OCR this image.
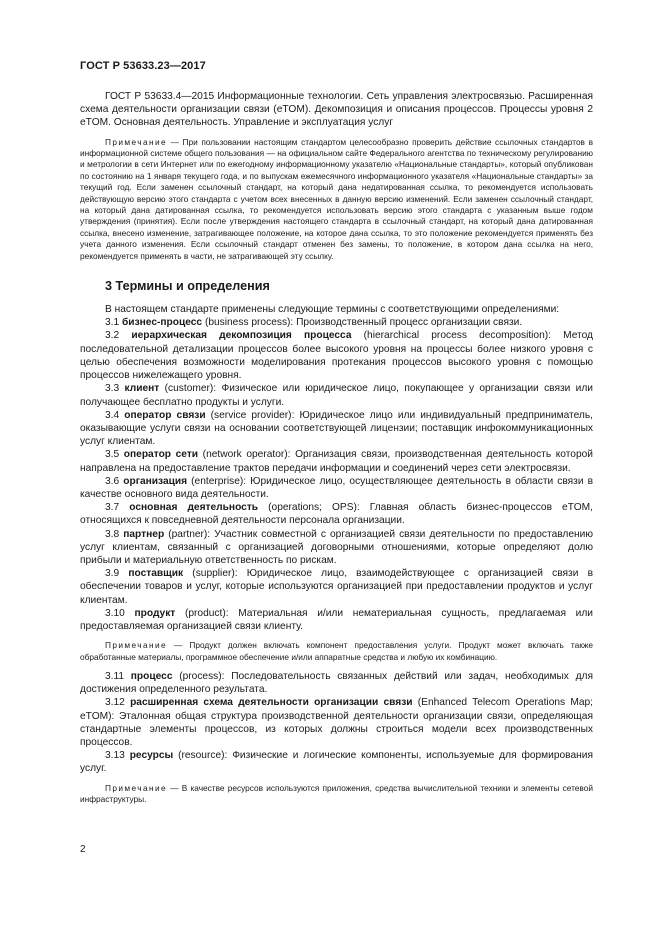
ГОСТ Р 53633.23—2017

ГОСТ Р 53633.4—2015 Информационные технологии. Сеть управления электросвязью. Расширенная схема деятельности организации связи (eTOM). Декомпозиция и описания процессов. Процессы уровня 2 eTOM. Основная деятельность. Управление и эксплуатация услуг

Примечание — При пользовании настоящим стандартом целесообразно проверить действие ссылочных стандартов в информационной системе общего пользования — на официальном сайте Федерального агентства по техническому регулированию и метрологии в сети Интернет или по ежегодному информационному указателю «Национальные стандарты», который опубликован по состоянию на 1 января текущего года, и по выпускам ежемесячного информационного указателя «Национальные стандарты» за текущий год. Если заменен ссылочный стандарт, на который дана недатированная ссылка, то рекомендуется использовать действующую версию этого стандарта с учетом всех внесенных в данную версию изменений. Если заменен ссылочный стандарт, на который дана датированная ссылка, то рекомендуется использовать версию этого стандарта с указанным выше годом утверждения (принятия). Если после утверждения настоящего стандарта в ссылочный стандарт, на который дана датированная ссылка, внесено изменение, затрагивающее положение, на которое дана ссылка, то это положение рекомендуется применять без учета данного изменения. Если ссылочный стандарт отменен без замены, то положение, в котором дана ссылка на него, рекомендуется применять в части, не затрагивающей эту ссылку.

3 Термины и определения

В настоящем стандарте применены следующие термины с соответствующими определениями:

3.1 бизнес-процесс (business process): Производственный процесс организации связи.

3.2 иерархическая декомпозиция процесса (hierarchical process decomposition): Метод последовательной детализации процессов более высокого уровня на процессы более низкого уровня с целью обеспечения возможности моделирования протекания процессов высокого уровня с помощью процессов нижележащего уровня.

3.3 клиент (customer): Физическое или юридическое лицо, покупающее у организации связи или получающее бесплатно продукты и услуги.

3.4 оператор связи (service provider): Юридическое лицо или индивидуальный предприниматель, оказывающие услуги связи на основании соответствующей лицензии; поставщик инфокоммуникационных услуг клиентам.

3.5 оператор сети (network operator): Организация связи, производственная деятельность которой направлена на предоставление трактов передачи информации и соединений через сети электросвязи.

3.6 организация (enterprise): Юридическое лицо, осуществляющее деятельность в области связи в качестве основного вида деятельности.

3.7 основная деятельность (operations; OPS): Главная область бизнес-процессов eTOM, относящихся к повседневной деятельности персонала организации.

3.8 партнер (partner): Участник совместной с организацией связи деятельности по предоставлению услуг клиентам, связанный с организацией договорными отношениями, которые определяют долю прибыли и материальную ответственность по рискам.

3.9 поставщик (supplier): Юридическое лицо, взаимодействующее с организацией связи в обеспечении товаров и услуг, которые используются организацией при предоставлении продуктов и услуг клиентам.

3.10 продукт (product): Материальная и/или нематериальная сущность, предлагаемая или предоставляемая организацией связи клиенту.

Примечание — Продукт должен включать компонент предоставления услуги. Продукт может включать также обработанные материалы, программное обеспечение и/или аппаратные средства и любую их комбинацию.

3.11 процесс (process): Последовательность связанных действий или задач, необходимых для достижения определенного результата.

3.12 расширенная схема деятельности организации связи (Enhanced Telecom Operations Map; eTOM): Эталонная общая структура производственной деятельности организации связи, определяющая стандартные элементы процессов, из которых должны строиться модели всех производственных процессов.

3.13 ресурсы (resource): Физические и логические компоненты, используемые для формирования услуг.

Примечание — В качестве ресурсов используются приложения, средства вычислительной техники и элементы сетевой инфраструктуры.

2
